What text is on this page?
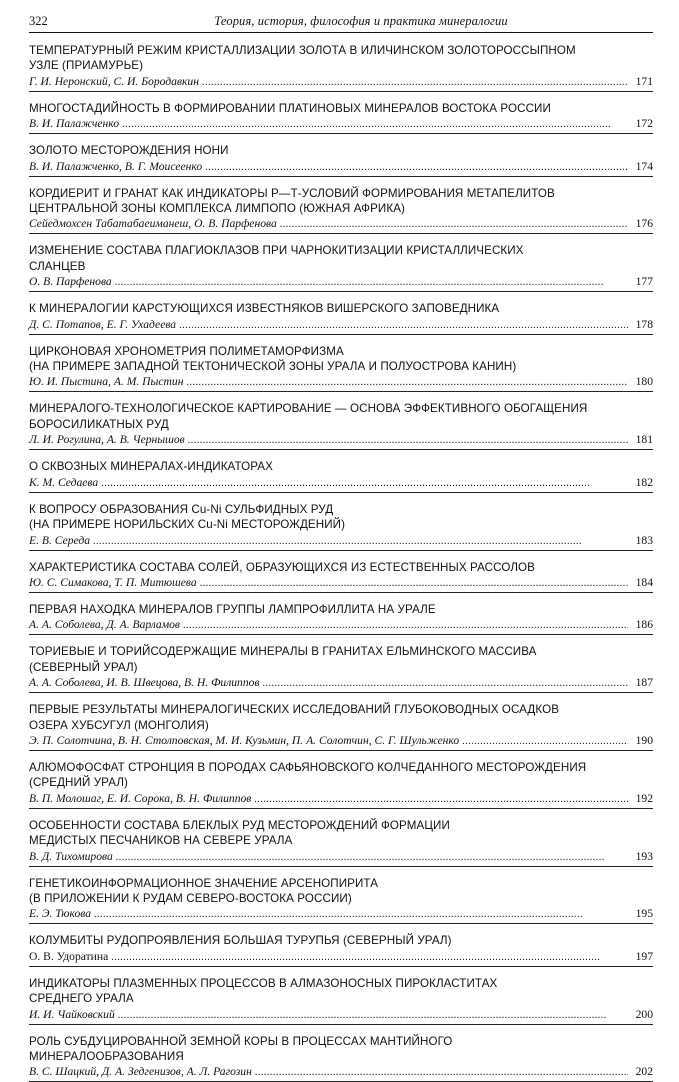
322	Теория, история, философия и практика минералогии
ТЕМПЕРАТУРНЫЙ РЕЖИМ КРИСТАЛЛИЗАЦИИ ЗОЛОТА В ИЛИЧИНСКОМ ЗОЛОТОРОССЫПНОМ
УЗЛЕ (ПРИАМУРЬЕ)
Г. И. Неронский, С. И. Бородавкин . . .	171
МНОГОСТАДИЙНОСТЬ В ФОРМИРОВАНИИ ПЛАТИНОВЫХ МИНЕРАЛОВ ВОСТОКА РОССИИ
В. И. Палажченко . . .	172
ЗОЛОТО МЕСТОРОЖДЕНИЯ НОНИ
В. И. Палажченко, В. Г. Моисеенко . . .	174
КОРДИЕРИТ И ГРАНАТ КАК ИНДИКАТОРЫ Р—Т-УСЛОВИЙ ФОРМИРОВАНИЯ МЕТАПЕЛИТОВ
ЦЕНТРАЛЬНОЙ ЗОНЫ КОМПЛЕКСА ЛИМПОПО (ЮЖНАЯ АФРИКА)
Сейедмохсен Табатабаеиманеш, О. В. Парфенова . . .	176
ИЗМЕНЕНИЕ СОСТАВА ПЛАГИОКЛАЗОВ ПРИ ЧАРНОКИТИЗАЦИИ КРИСТАЛЛИЧЕСКИХ
СЛАНЦЕВ
О. В. Парфенова . . .	177
К МИНЕРАЛОГИИ КАРСТУЮЩИХСЯ ИЗВЕСТНЯКОВ ВИШЕРСКОГО ЗАПОВЕДНИКА
Д. С. Потапов, Е. Г. Ухадеева . . .	178
ЦИРКОНОВАЯ ХРОНОМЕТРИЯ ПОЛИМЕТАМОРФИЗМА
(НА ПРИМЕРЕ ЗАПАДНОЙ ТЕКТОНИЧЕСКОЙ ЗОНЫ УРАЛА И ПОЛУОСТРОВА КАНИН)
Ю. И. Пыстина, А. М. Пыстин . . .	180
МИНЕРАЛОГО-ТЕХНОЛОГИЧЕСКОЕ КАРТИРОВАНИЕ — ОСНОВА ЭФФЕКТИВНОГО ОБОГАЩЕНИЯ
БОРОСИЛИКАТНЫХ РУД
Л. И. Рогулина, А. В. Чернышов . . .	181
О СКВОЗНЫХ МИНЕРАЛАХ-ИНДИКАТОРАХ
К. М. Седаева . . .	182
К ВОПРОСУ ОБРАЗОВАНИЯ Cu-Ni СУЛЬФИДНЫХ РУД
(НА ПРИМЕРЕ НОРИЛЬСКИХ Cu-Ni МЕСТОРОЖДЕНИЙ)
Е. В. Середа . . .	183
ХАРАКТЕРИСТИКА СОСТАВА СОЛЕЙ, ОБРАЗУЮЩИХСЯ ИЗ ЕСТЕСТВЕННЫХ РАССОЛОВ
Ю. С. Симакова, Т. П. Митюшева . . .	184
ПЕРВАЯ НАХОДКА МИНЕРАЛОВ ГРУППЫ ЛАМПРОФИЛЛИТА НА УРАЛЕ
А. А. Соболева, Д. А. Варламов . . .	186
ТОРИЕВЫЕ И ТОРИЙСОДЕРЖАЩИЕ МИНЕРАЛЫ В ГРАНИТАХ ЕЛЬМИНСКОГО МАССИВА
(СЕВЕРНЫЙ УРАЛ)
А. А. Соболева, И. В. Швецова, В. Н. Филиппов . . .	187
ПЕРВЫЕ РЕЗУЛЬТАТЫ МИНЕРАЛОГИЧЕСКИХ ИССЛЕДОВАНИЙ ГЛУБОКОВОДНЫХ ОСАДКОВ
ОЗЕРА ХУБСУГУЛ (МОНГОЛИЯ)
Э. П. Солотчина, В. Н. Столповская, М. И. Кузьмин, П. А. Солотчин, С. Г. Шульженко . . .	190
АЛЮМОФОСФАТ СТРОНЦИЯ В ПОРОДАХ САФЬЯНОВСКОГО КОЛЧЕДАННОГО МЕСТОРОЖДЕНИЯ
(СРЕДНИЙ УРАЛ)
В. П. Молошаг, Е. И. Сорока, В. Н. Филиппов . . .	192
ОСОБЕННОСТИ СОСТАВА БЛЕКЛЫХ РУД МЕСТОРОЖДЕНИЙ ФОРМАЦИИ
МЕДИСТЫХ ПЕСЧАНИКОВ НА СЕВЕРЕ УРАЛА
В. Д. Тихомирова . . .	193
ГЕНЕТИКОИНФОРМАЦИОННОЕ ЗНАЧЕНИЕ АРСЕНОПИРИТА
(В ПРИЛОЖЕНИИ К РУДАМ СЕВЕРО-ВОСТОКА РОССИИ)
Е. Э. Тюкова . . .	195
КОЛУМБИТЫ РУДОПРОЯВЛЕНИЯ БОЛЬШАЯ ТУРУПЬЯ (СЕВЕРНЫЙ УРАЛ)
О. В. Удоратина . . .	197
ИНДИКАТОРЫ ПЛАЗМЕННЫХ ПРОЦЕССОВ В АЛМАЗОНОСНЫХ ПИРОКЛАСТИТАХ
СРЕДНЕГО УРАЛА
И. И. Чайковский . . .	200
РОЛЬ СУБДУЦИРОВАННОЙ ЗЕМНОЙ КОРЫ В ПРОЦЕССАХ МАНТИЙНОГО
МИНЕРАЛООБРАЗОВАНИЯ
В. С. Шацкий, Д. А. Зедгенизов, А. Л. Рагозин . . .	202
